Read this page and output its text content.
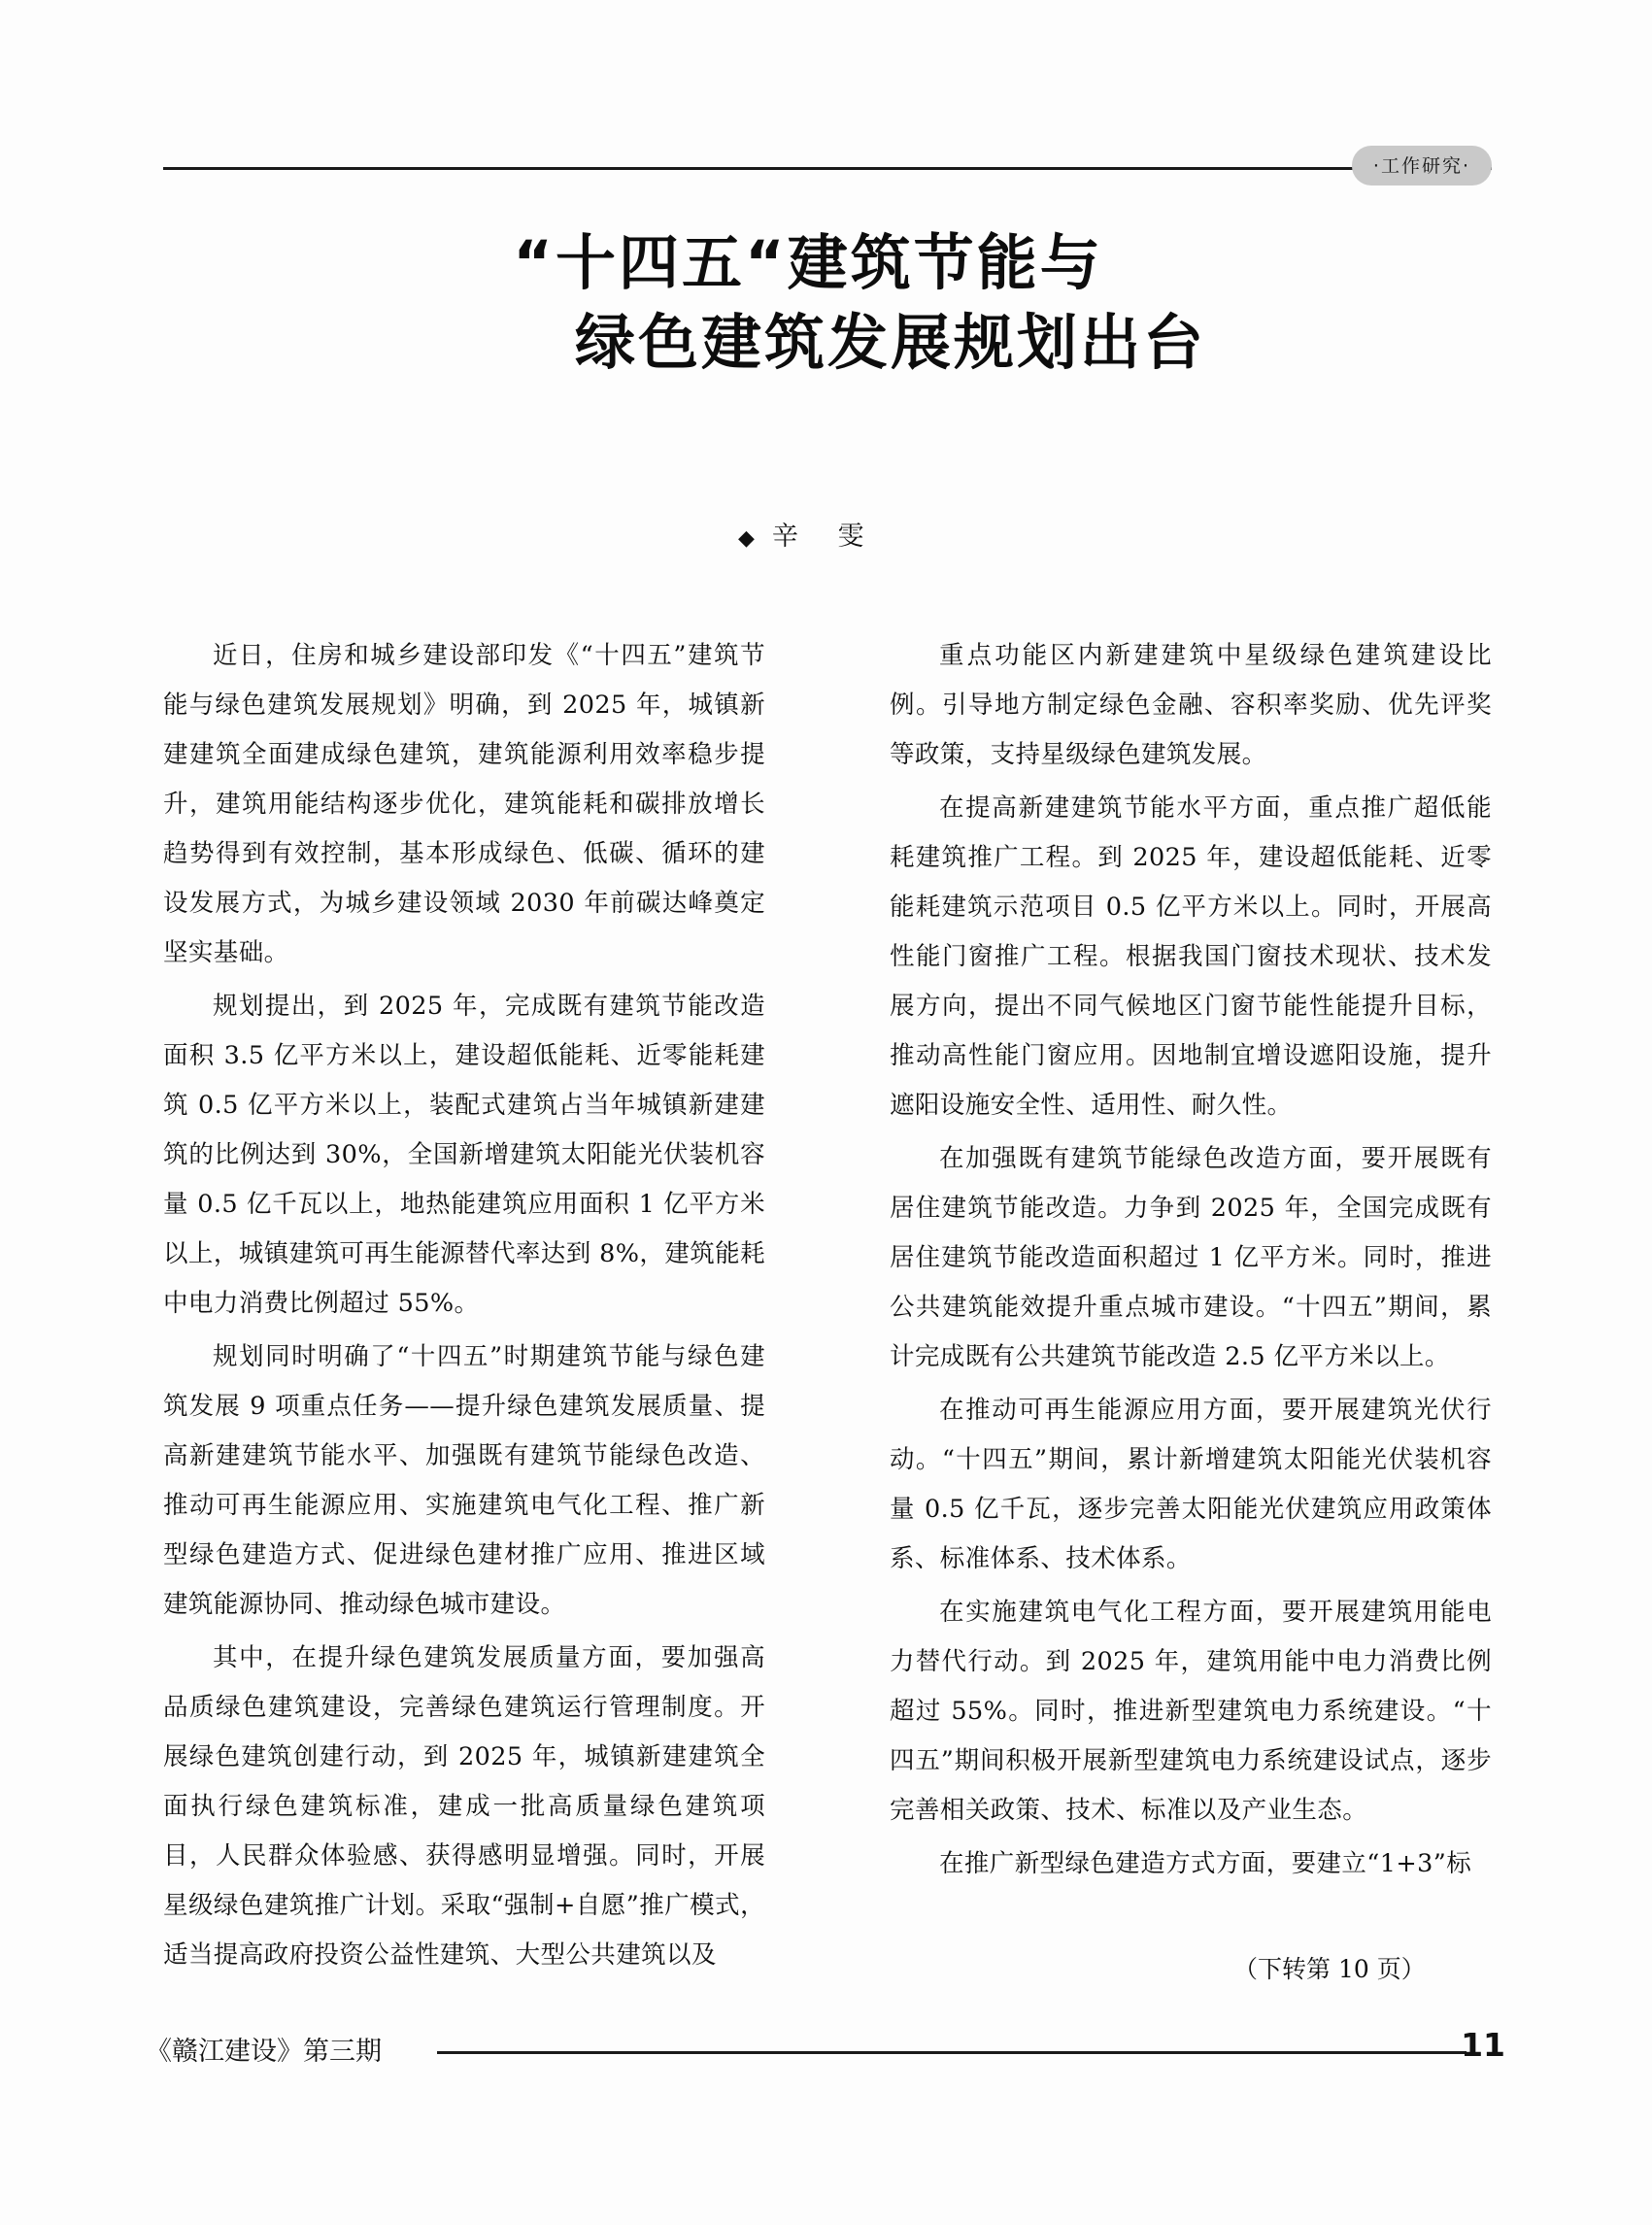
·工作研究·
“十四五“建筑节能与
绿色建筑发展规划出台
◆ 辛 雯

近日，住房和城乡建设部印发《“十四五”建筑节能与绿色建筑发展规划》明确，到 2025 年，城镇新建建筑全面建成绿色建筑，建筑能源利用效率稳步提升，建筑用能结构逐步优化，建筑能耗和碳排放增长趋势得到有效控制，基本形成绿色、低碳、循环的建设发展方式，为城乡建设领域 2030 年前碳达峰奠定坚实基础。

规划提出，到 2025 年，完成既有建筑节能改造面积 3.5 亿平方米以上，建设超低能耗、近零能耗建筑 0.5 亿平方米以上，装配式建筑占当年城镇新建建筑的比例达到 30%，全国新增建筑太阳能光伏装机容量 0.5 亿千瓦以上，地热能建筑应用面积 1 亿平方米以上，城镇建筑可再生能源替代率达到 8%，建筑能耗中电力消费比例超过 55%。

规划同时明确了“十四五”时期建筑节能与绿色建筑发展 9 项重点任务——提升绿色建筑发展质量、提高新建建筑节能水平、加强既有建筑节能绿色改造、推动可再生能源应用、实施建筑电气化工程、推广新型绿色建造方式、促进绿色建材推广应用、推进区域建筑能源协同、推动绿色城市建设。

其中，在提升绿色建筑发展质量方面，要加强高品质绿色建筑建设，完善绿色建筑运行管理制度。开展绿色建筑创建行动，到 2025 年，城镇新建建筑全面执行绿色建筑标准，建成一批高质量绿色建筑项目，人民群众体验感、获得感明显增强。同时，开展星级绿色建筑推广计划。采取“强制+自愿”推广模式，适当提高政府投资公益性建筑、大型公共建筑以及

重点功能区内新建建筑中星级绿色建筑建设比例。引导地方制定绿色金融、容积率奖励、优先评奖等政策，支持星级绿色建筑发展。

在提高新建建筑节能水平方面，重点推广超低能耗建筑推广工程。到 2025 年，建设超低能耗、近零能耗建筑示范项目 0.5 亿平方米以上。同时，开展高性能门窗推广工程。根据我国门窗技术现状、技术发展方向，提出不同气候地区门窗节能性能提升目标，推动高性能门窗应用。因地制宜增设遮阳设施，提升遮阳设施安全性、适用性、耐久性。

在加强既有建筑节能绿色改造方面，要开展既有居住建筑节能改造。力争到 2025 年，全国完成既有居住建筑节能改造面积超过 1 亿平方米。同时，推进公共建筑能效提升重点城市建设。“十四五”期间，累计完成既有公共建筑节能改造 2.5 亿平方米以上。

在推动可再生能源应用方面，要开展建筑光伏行动。“十四五”期间，累计新增建筑太阳能光伏装机容量 0.5 亿千瓦，逐步完善太阳能光伏建筑应用政策体系、标准体系、技术体系。

在实施建筑电气化工程方面，要开展建筑用能电力替代行动。到 2025 年，建筑用能中电力消费比例超过 55%。同时，推进新型建筑电力系统建设。“十四五”期间积极开展新型建筑电力系统建设试点，逐步完善相关政策、技术、标准以及产业生态。

在推广新型绿色建造方式方面，要建立“1+3”标

（下转第 10 页）
《赣江建设》第三期	11
